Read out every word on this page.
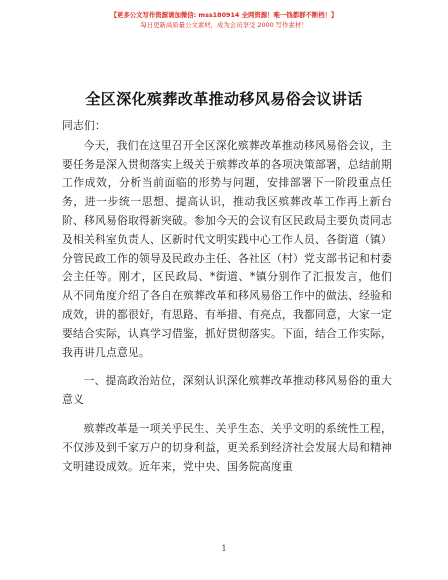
【更多公文写作资源请加微信: mss180914 全网资源！唯一钱都群不断档！】
每日更新高质量公文素材，成为会员享受 2000 写作素材！
全区深化殡葬改革推动移风易俗会议讲话

同志们：

今天，我们在这里召开全区深化殡葬改革推动移风易俗会议，主要任务是深入贯彻落实上级关于殡葬改革的各项决策部署，总结前期工作成效，分析当前面临的形势与问题，安排部署下一阶段重点任务，进一步统一思想、提高认识，推动我区殡葬改革工作再上新台阶、移风易俗取得新突破。参加今天的会议有区民政局主要负责同志及相关科室负责人、区新时代文明实践中心工作人员、各街道（镇）分管民政工作的领导及民政办主任、各社区（村）党支部书记和村委会主任等。刚才，区民政局、*街道、*镇分别作了汇报发言，他们从不同角度介绍了各自在殡葬改革和移风易俗工作中的做法、经验和成效，讲的都很好，有思路、有举措、有亮点，我都同意，大家一定要结合实际，认真学习借鉴，抓好贯彻落实。下面，结合工作实际，我再讲几点意见。

一、提高政治站位，深刻认识深化殡葬改革推动移风易俗的重大意义

殡葬改革是一项关乎民生、关乎生态、关乎文明的系统性工程，不仅涉及到千家万户的切身利益，更关系到经济社会发展大局和精神文明建设成效。近年来，党中央、国务院高度重

1
